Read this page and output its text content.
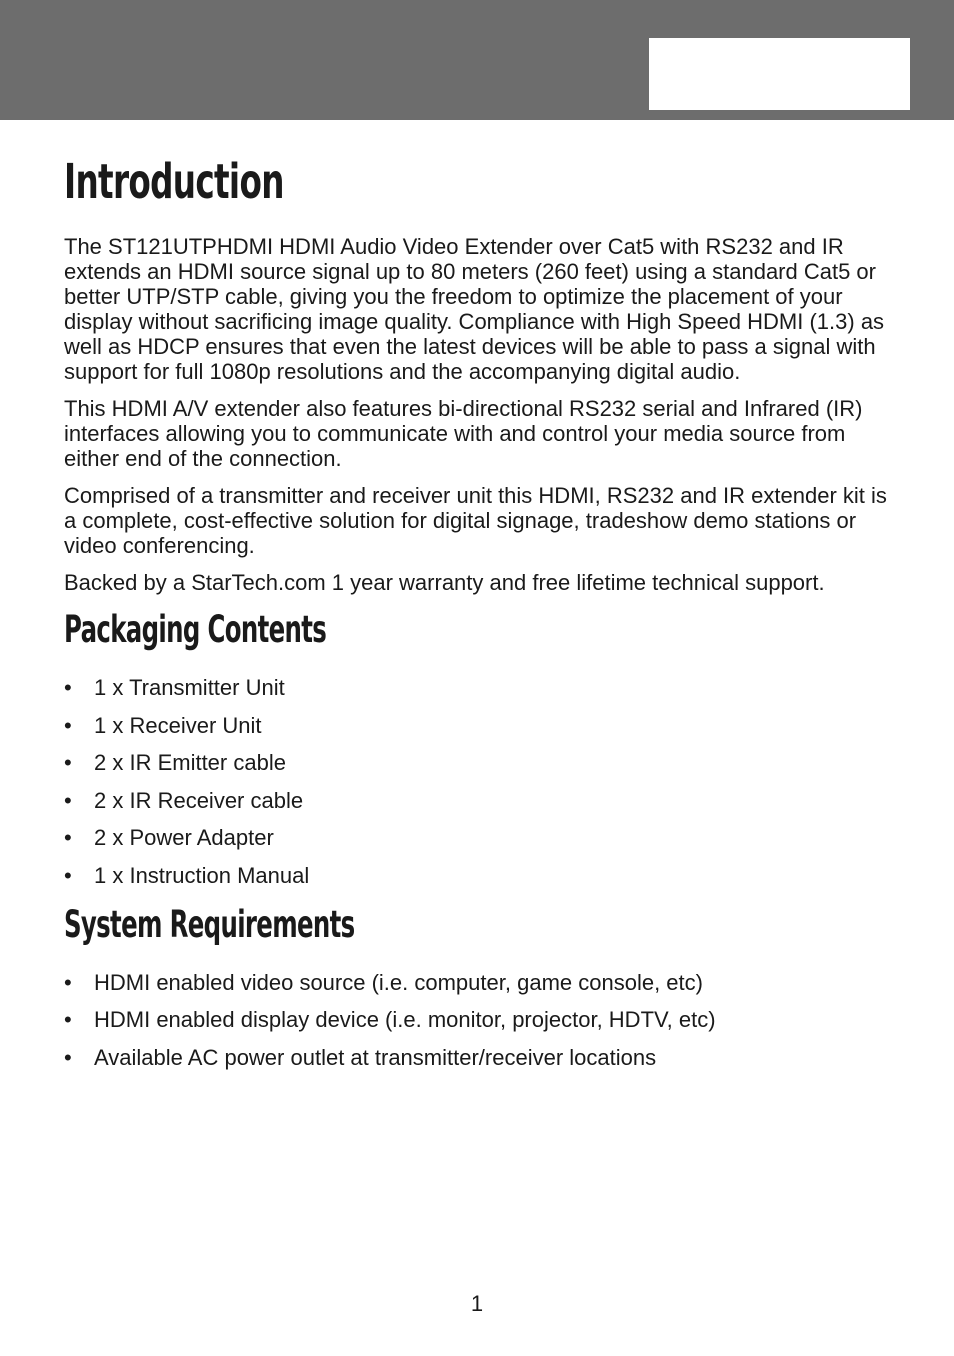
Introduction

The ST121UTPHDMI HDMI Audio Video Extender over Cat5 with RS232 and IR extends an HDMI source signal up to 80 meters (260 feet) using a standard Cat5 or better UTP/STP cable, giving you the freedom to optimize the placement of your display without sacrificing image quality. Compliance with High Speed HDMI (1.3) as well as HDCP ensures that even the latest devices will be able to pass a signal with support for full 1080p resolutions and the accompanying digital audio.

This HDMI A/V extender also features bi-directional RS232 serial and Infrared (IR) interfaces allowing you to communicate with and control your media source from either end of the connection.

Comprised of a transmitter and receiver unit this HDMI, RS232 and IR extender kit is a complete, cost-effective solution for digital signage, tradeshow demo stations or video conferencing.

Backed by a StarTech.com 1 year warranty and free lifetime technical support.

Packaging Contents
• 1 x Transmitter Unit
• 1 x Receiver Unit
• 2 x IR Emitter cable
• 2 x IR Receiver cable
• 2 x Power Adapter
• 1 x Instruction Manual
System Requirements
• HDMI enabled video source (i.e. computer, game console, etc)
• HDMI enabled display device (i.e. monitor, projector, HDTV, etc)
• Available AC power outlet at transmitter/receiver locations
1
